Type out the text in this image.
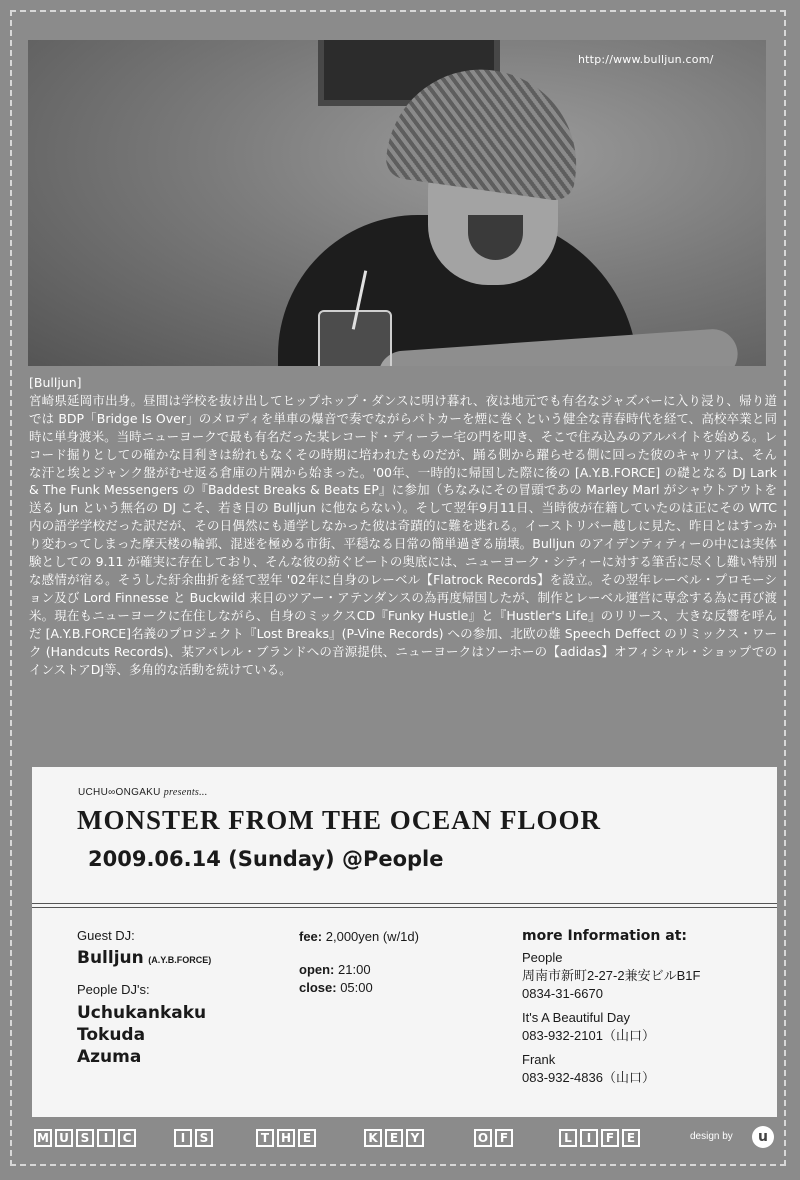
http://www.bulljun.com/
[Bulljun]
宮崎県延岡市出身。昼間は学校を抜け出してヒップホップ・ダンスに明け暮れ、夜は地元でも有名なジャズバーに入り浸り、帰り道では BDP「Bridge Is Over」のメロディを単車の爆音で奏でながらパトカーを煙に巻くという健全な青春時代を経て、高校卒業と同時に単身渡米。当時ニューヨークで最も有名だった某レコード・ディーラー宅の門を叩き、そこで住み込みのアルバイトを始める。レコード掘りとしての確かな目利きは紛れもなくその時期に培われたものだが、踊る側から躍らせる側に回った彼のキャリアは、そんな汗と埃とジャンク盤がむせ返る倉庫の片隅から始まった。'00年、一時的に帰国した際に後の [A.Y.B.FORCE] の礎となる DJ Lark & The Funk Messengers の『Baddest Breaks & Beats EP』に参加（ちなみにその冒頭であの Marley Marl がシャウトアウトを送る Jun という無名の DJ こそ、若き日の Bulljun に他ならない）。そして翌年9月11日、当時彼が在籍していたのは正にその WTC内の語学学校だった訳だが、その日偶然にも通学しなかった彼は奇蹟的に難を逃れる。イーストリバー越しに見た、昨日とはすっかり変わってしまった摩天楼の輪郭、混迷を極める市街、平穏なる日常の簡単過ぎる崩壊。Bulljun のアイデンティティーの中には実体験としての 9.11 が確実に存在しており、そんな彼の紡ぐビートの奥底には、ニューヨーク・シティーに対する筆舌に尽くし難い特別な感情が宿る。そうした紆余曲折を経て翌年 '02年に自身のレーベル【Flatrock Records】を設立。その翌年レーベル・プロモーション及び Lord Finnesse と Buckwild 来日のツアー・アテンダンスの為再度帰国したが、制作とレーベル運営に専念する為に再び渡米。現在もニューヨークに在住しながら、自身のミックスCD『Funky Hustle』と『Hustler's Life』のリリース、大きな反響を呼んだ [A.Y.B.FORCE]名義のプロジェクト『Lost Breaks』(P-Vine Records) への参加、北欧の雄 Speech Deffect のリミックス・ワーク (Handcuts Records)、某アパレル・ブランドへの音源提供、ニューヨークはソーホーの【adidas】オフィシャル・ショップでのインストアDJ等、多角的な活動を続けている。
UCHU∞ONGAKU presents...
MONSTER FROM THE OCEAN FLOOR
2009.06.14 (Sunday) @People
Guest DJ:
Bulljun (A.Y.B.FORCE)
People DJ's:
Uchukankaku
Tokuda
Azuma
fee: 2,000yen (w/1d)
open: 21:00
close: 05:00
more Information at:
People
周南市新町2-27-2兼安ビルB1F
0834-31-6670
It's A Beautiful Day
083-932-2101（山口）
Frank
083-932-4836（山口）
M U S I C	I S	T H E	K E Y	O F	L I F E	design by	u
